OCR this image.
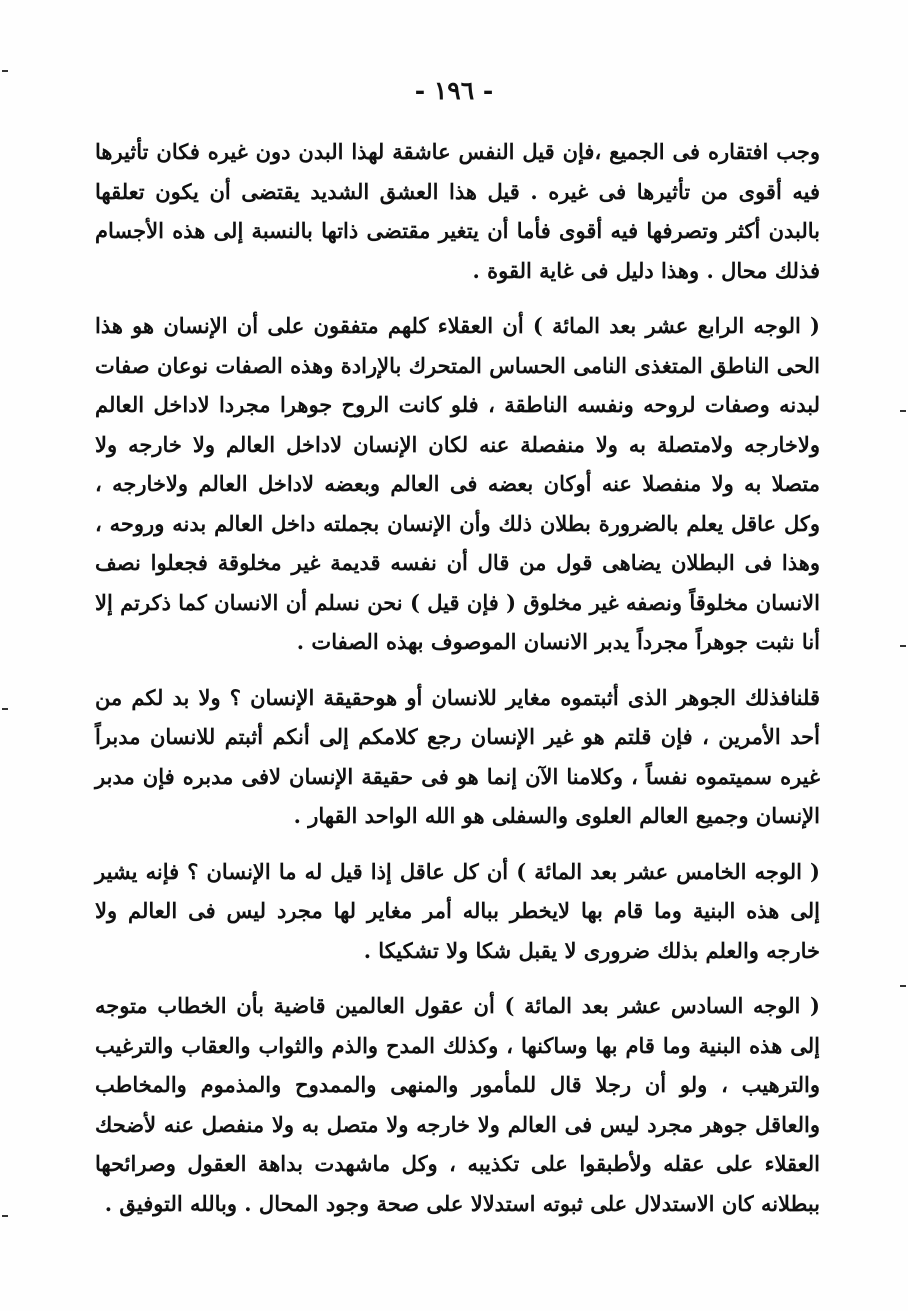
- ١٩٦ -

وجب افتقاره فى الجميع ،فإن قيل النفس عاشقة لهذا البدن دون غيره فكان تأثيرها فيه أقوى من تأثيرها فى غيره . قيل هذا العشق الشديد يقتضى أن يكون تعلقها بالبدن أكثر وتصرفها فيه أقوى فأما أن يتغير مقتضى ذاتها بالنسبة إلى هذه الأجسام فذلك محال . وهذا دليل فى غاية القوة .

( الوجه الرابع عشر بعد المائة ) أن العقلاء كلهم متفقون على أن الإنسان هو هذا الحى الناطق المتغذى النامى الحساس المتحرك بالإرادة وهذه الصفات نوعان صفات لبدنه وصفات لروحه ونفسه الناطقة ، فلو كانت الروح جوهرا مجردا لاداخل العالم ولاخارجه ولامتصلة به ولا منفصلة عنه لكان الإنسان لاداخل العالم ولا خارجه ولا متصلا به ولا منفصلا عنه أوكان بعضه فى العالم وبعضه لاداخل العالم ولاخارجه ، وكل عاقل يعلم بالضرورة بطلان ذلك وأن الإنسان بجملته داخل العالم بدنه وروحه ، وهذا فى البطلان يضاهى قول من قال أن نفسه قديمة غير مخلوقة فجعلوا نصف الانسان مخلوقاً ونصفه غير مخلوق ( فإن قيل ) نحن نسلم أن الانسان كما ذكرتم إلا أنا نثبت جوهراً مجرداً يدبر الانسان الموصوف بهذه الصفات .

قلنافذلك الجوهر الذى أثبتموه مغاير للانسان أو هوحقيقة الإنسان ؟ ولا بد لكم من أحد الأمرين ، فإن قلتم هو غير الإنسان رجع كلامكم إلى أنكم أثبتم للانسان مدبراً غيره سميتموه نفساً ، وكلامنا الآن إنما هو فى حقيقة الإنسان لافى مدبره فإن مدبر الإنسان وجميع العالم العلوى والسفلى هو الله الواحد القهار .

( الوجه الخامس عشر بعد المائة ) أن كل عاقل إذا قيل له ما الإنسان ؟ فإنه يشير إلى هذه البنية وما قام بها لايخطر بباله أمر مغاير لها مجرد ليس فى العالم ولا خارجه والعلم بذلك ضرورى لا يقبل شكا ولا تشكيكا .

( الوجه السادس عشر بعد المائة ) أن عقول العالمين قاضية بأن الخطاب متوجه إلى هذه البنية وما قام بها وساكنها ، وكذلك المدح والذم والثواب والعقاب والترغيب والترهيب ، ولو أن رجلا قال للمأمور والمنهى والممدوح والمذموم والمخاطب والعاقل جوهر مجرد ليس فى العالم ولا خارجه ولا متصل به ولا منفصل عنه لأضحك العقلاء على عقله ولأطبقوا على تكذيبه ، وكل ماشهدت بداهة العقول وصرائحها ببطلانه كان الاستدلال على ثبوته استدلالا على صحة وجود المحال . وبالله التوفيق .
